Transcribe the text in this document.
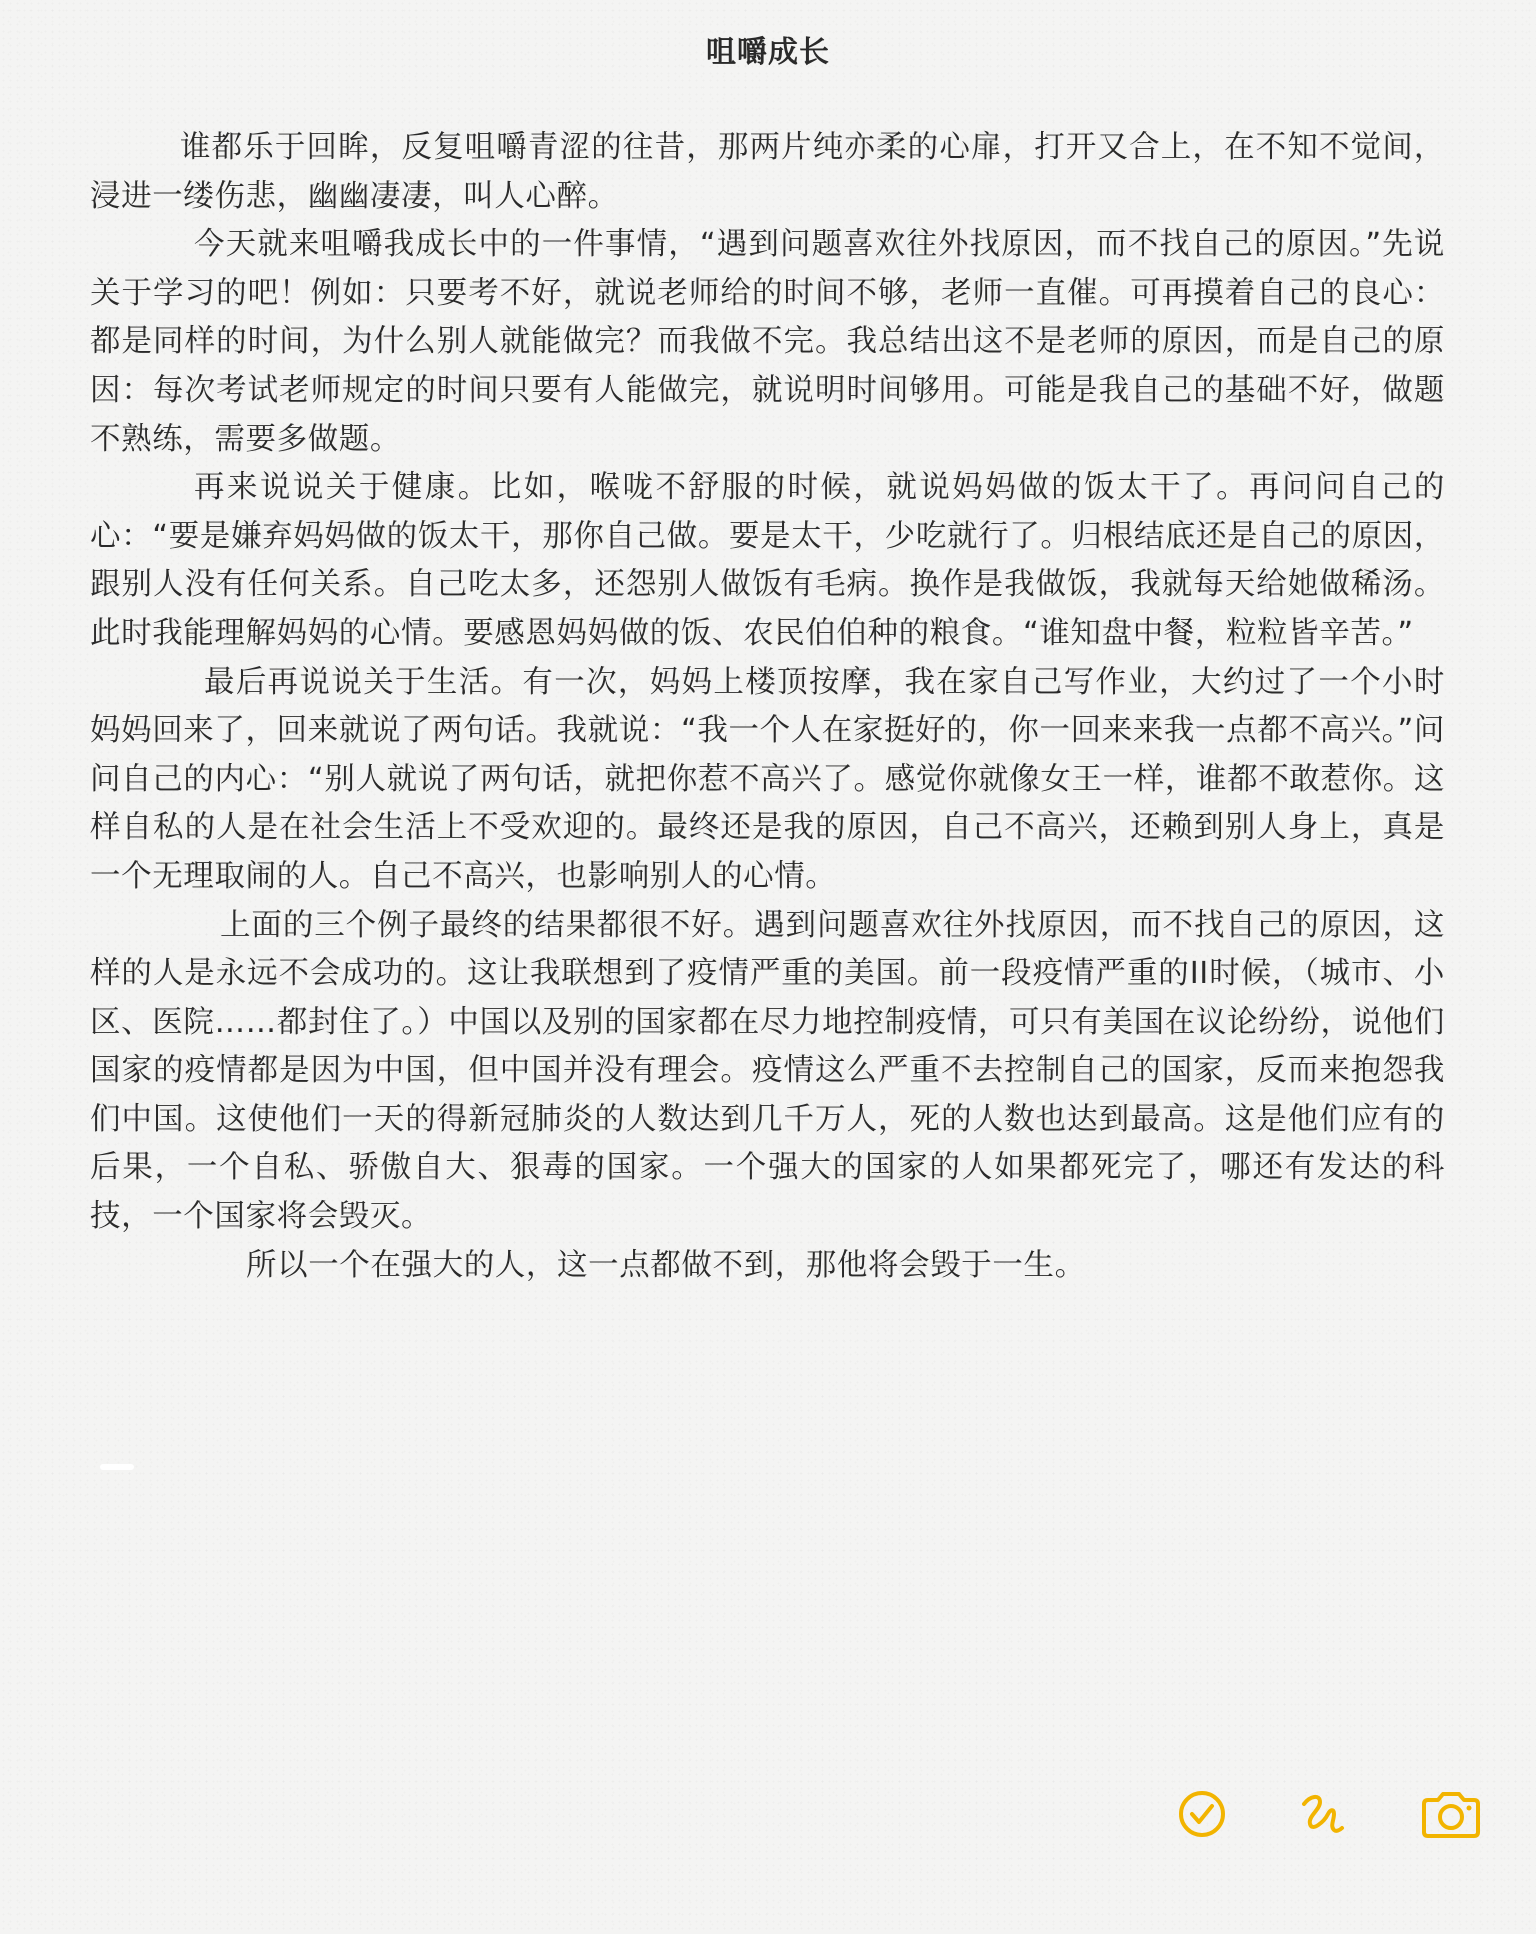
咀嚼成长

谁都乐于回眸，反复咀嚼青涩的往昔，那两片纯亦柔的心扉，打开又合上，在不知不觉间，浸进一缕伤悲，幽幽凄凄，叫人心醉。

今天就来咀嚼我成长中的一件事情，“遇到问题喜欢往外找原因，而不找自己的原因。”先说关于学习的吧！例如：只要考不好，就说老师给的时间不够，老师一直催。可再摸着自己的良心：都是同样的时间，为什么别人就能做完？而我做不完。我总结出这不是老师的原因，而是自己的原因：每次考试老师规定的时间只要有人能做完，就说明时间够用。可能是我自己的基础不好，做题不熟练，需要多做题。

再来说说关于健康。比如，喉咙不舒服的时候，就说妈妈做的饭太干了。再问问自己的心：“要是嫌弃妈妈做的饭太干，那你自己做。要是太干，少吃就行了。归根结底还是自己的原因，跟别人没有任何关系。自己吃太多，还怨别人做饭有毛病。换作是我做饭，我就每天给她做稀汤。此时我能理解妈妈的心情。要感恩妈妈做的饭、农民伯伯种的粮食。“谁知盘中餐，粒粒皆辛苦。”

最后再说说关于生活。有一次，妈妈上楼顶按摩，我在家自己写作业，大约过了一个小时妈妈回来了，回来就说了两句话。我就说：“我一个人在家挺好的，你一回来来我一点都不高兴。”问问自己的内心：“别人就说了两句话，就把你惹不高兴了。感觉你就像女王一样，谁都不敢惹你。这样自私的人是在社会生活上不受欢迎的。最终还是我的原因，自己不高兴，还赖到别人身上，真是一个无理取闹的人。自己不高兴，也影响别人的心情。

上面的三个例子最终的结果都很不好。遇到问题喜欢往外找原因，而不找自己的原因，这样的人是永远不会成功的。这让我联想到了疫情严重的美国。前一段疫情严重的II时候，（城市、小区、医院……都封住了。）中国以及别的国家都在尽力地控制疫情，可只有美国在议论纷纷，说他们国家的疫情都是因为中国，但中国并没有理会。疫情这么严重不去控制自己的国家，反而来抱怨我们中国。这使他们一天的得新冠肺炎的人数达到几千万人，死的人数也达到最高。这是他们应有的后果，一个自私、骄傲自大、狠毒的国家。一个强大的国家的人如果都死完了，哪还有发达的科技，一个国家将会毁灭。

所以一个在强大的人，这一点都做不到，那他将会毁于一生。
